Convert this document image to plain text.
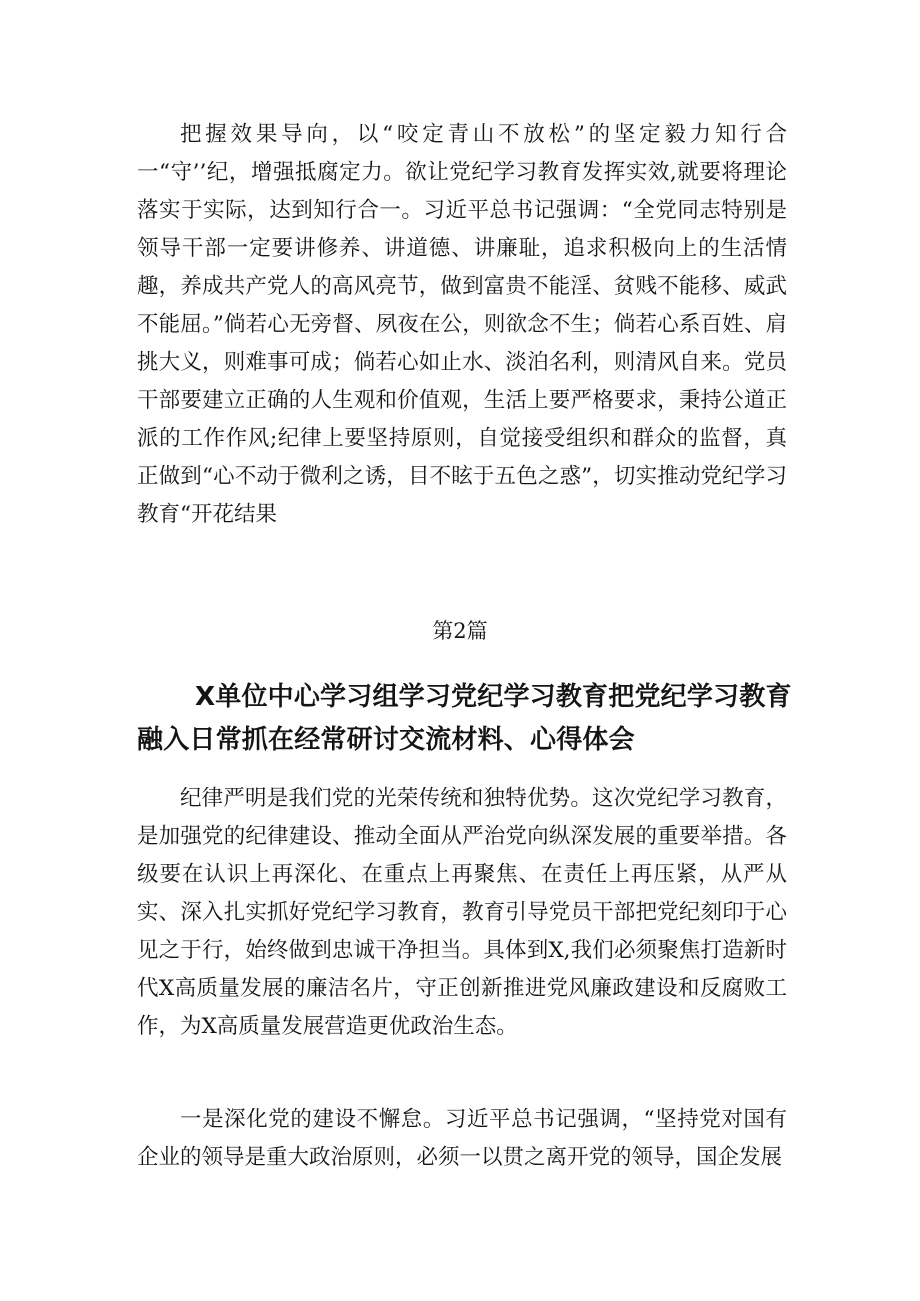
把握效果导向，以“咬定青山不放松”的坚定毅力知行合一“守’’纪，增强抵腐定力。欲让党纪学习教育发挥实效,就要将理论落实于实际，达到知行合一。习近平总书记强调：“全党同志特别是领导干部一定要讲修养、讲道德、讲廉耻，追求积极向上的生活情趣，养成共产党人的高风亮节，做到富贵不能淫、贫贱不能移、威武不能屈。”倘若心无旁督、夙夜在公，则欲念不生；倘若心系百姓、肩挑大义，则难事可成；倘若心如止水、淡泊名利，则清风自来。党员干部要建立正确的人生观和价值观，生活上要严格要求，秉持公道正派的工作作风;纪律上要坚持原则，自觉接受组织和群众的监督，真正做到“心不动于微利之诱，目不眩于五色之惑”，切实推动党纪学习教育“开花结果

第2篇
X单位中心学习组学习党纪学习教育把党纪学习教育融入日常抓在经常研讨交流材料、心得体会

纪律严明是我们党的光荣传统和独特优势。这次党纪学习教育，是加强党的纪律建设、推动全面从严治党向纵深发展的重要举措。各级要在认识上再深化、在重点上再聚焦、在责任上再压紧，从严从实、深入扎实抓好党纪学习教育，教育引导党员干部把党纪刻印于心见之于行，始终做到忠诚干净担当。具体到X,我们必须聚焦打造新时代X高质量发展的廉洁名片，守正创新推进党风廉政建设和反腐败工作，为X高质量发展营造更优政治生态。

一是深化党的建设不懈怠。习近平总书记强调，“坚持党对国有企业的领导是重大政治原则，必须一以贯之离开党的领导，国企发展
